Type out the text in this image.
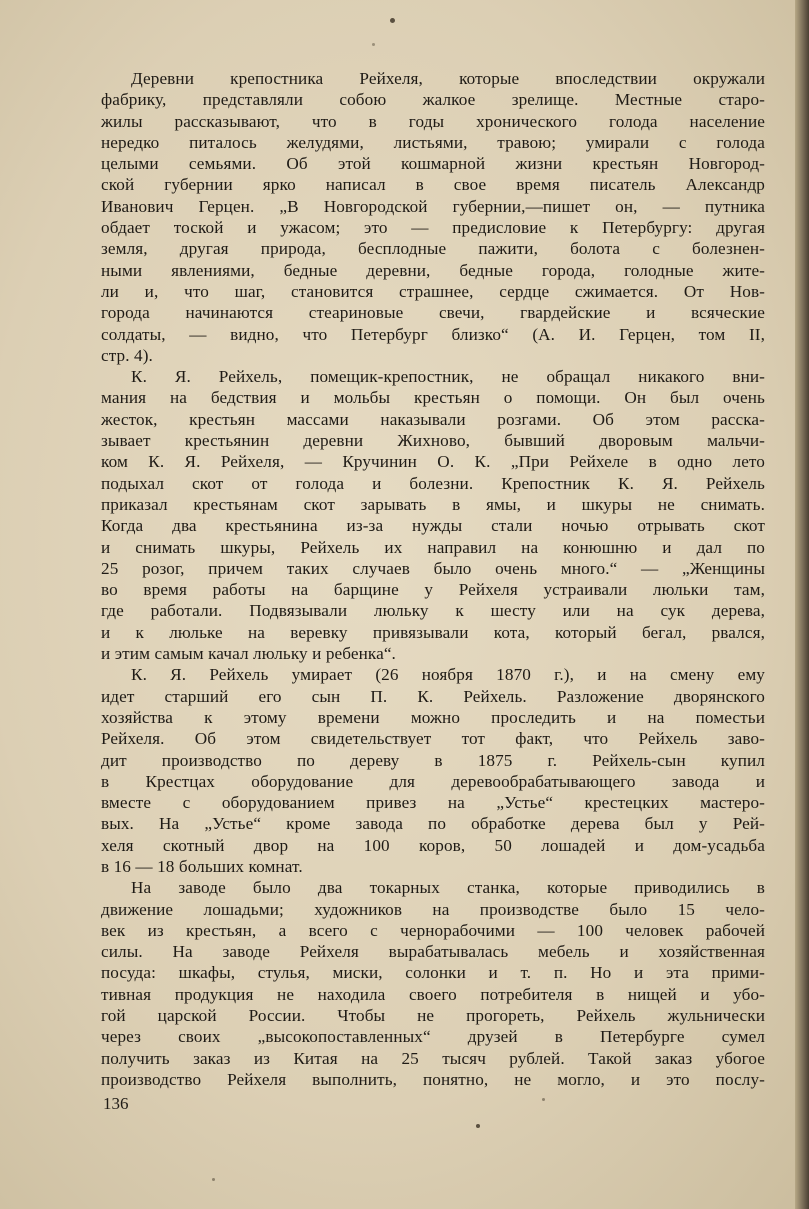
Деревни крепостника Рейхеля, которые впоследствии окружали
фабрику, представляли собою жалкое зрелище. Местные старо-
жилы рассказывают, что в годы хронического голода население
нередко питалось желудями, листьями, травою; умирали с голода
целыми семьями. Об этой кошмарной жизни крестьян Новгород-
ской губернии ярко написал в свое время писатель Александр
Иванович Герцен. „В Новгородской губернии,—пишет он, — путника
обдает тоской и ужасом; это — предисловие к Петербургу: другая
земля, другая природа, бесплодные пажити, болота с болезнен-
ными явлениями, бедные деревни, бедные города, голодные жите-
ли и, что шаг, становится страшнее, сердце сжимается. От Нов-
города начинаются стеариновые свечи, гвардейские и всяческие
солдаты, — видно, что Петербург близко“ (А. И. Герцен, том II,
стр. 4).
К. Я. Рейхель, помещик-крепостник, не обращал никакого вни-
мания на бедствия и мольбы крестьян о помощи. Он был очень
жесток, крестьян массами наказывали розгами. Об этом расска-
зывает крестьянин деревни Жихново, бывший дворовым мальчи-
ком К. Я. Рейхеля, — Кручинин О. К. „При Рейхеле в одно лето
подыхал скот от голода и болезни. Крепостник К. Я. Рейхель
приказал крестьянам скот зарывать в ямы, и шкуры не снимать.
Когда два крестьянина из-за нужды стали ночью отрывать скот
и снимать шкуры, Рейхель их направил на конюшню и дал по
25 розог, причем таких случаев было очень много.“ — „Женщины
во время работы на барщине у Рейхеля устраивали люльки там,
где работали. Подвязывали люльку к шесту или на сук дерева,
и к люльке на веревку привязывали кота, который бегал, рвался,
и этим самым качал люльку и ребенка“.
К. Я. Рейхель умирает (26 ноября 1870 г.), и на смену ему
идет старший его сын П. К. Рейхель. Разложение дворянского
хозяйства к этому времени можно проследить и на поместьи
Рейхеля. Об этом свидетельствует тот факт, что Рейхель заво-
дит производство по дереву в 1875 г. Рейхель-сын купил
в Крестцах оборудование для деревообрабатывающего завода и
вместе с оборудованием привез на „Устье“ крестецких мастеро-
вых. На „Устье“ кроме завода по обработке дерева был у Рей-
хеля скотный двор на 100 коров, 50 лошадей и дом-усадьба
в 16 — 18 больших комнат.
На заводе было два токарных станка, которые приводились в
движение лошадьми; художников на производстве было 15 чело-
век из крестьян, а всего с чернорабочими — 100 человек рабочей
силы. На заводе Рейхеля вырабатывалась мебель и хозяйственная
посуда: шкафы, стулья, миски, солонки и т. п. Но и эта прими-
тивная продукция не находила своего потребителя в нищей и убо-
гой царской России. Чтобы не прогореть, Рейхель жульнически
через своих „высокопоставленных“ друзей в Петербурге сумел
получить заказ из Китая на 25 тысяч рублей. Такой заказ убогое
производство Рейхеля выполнить, понятно, не могло, и это послу-
136
